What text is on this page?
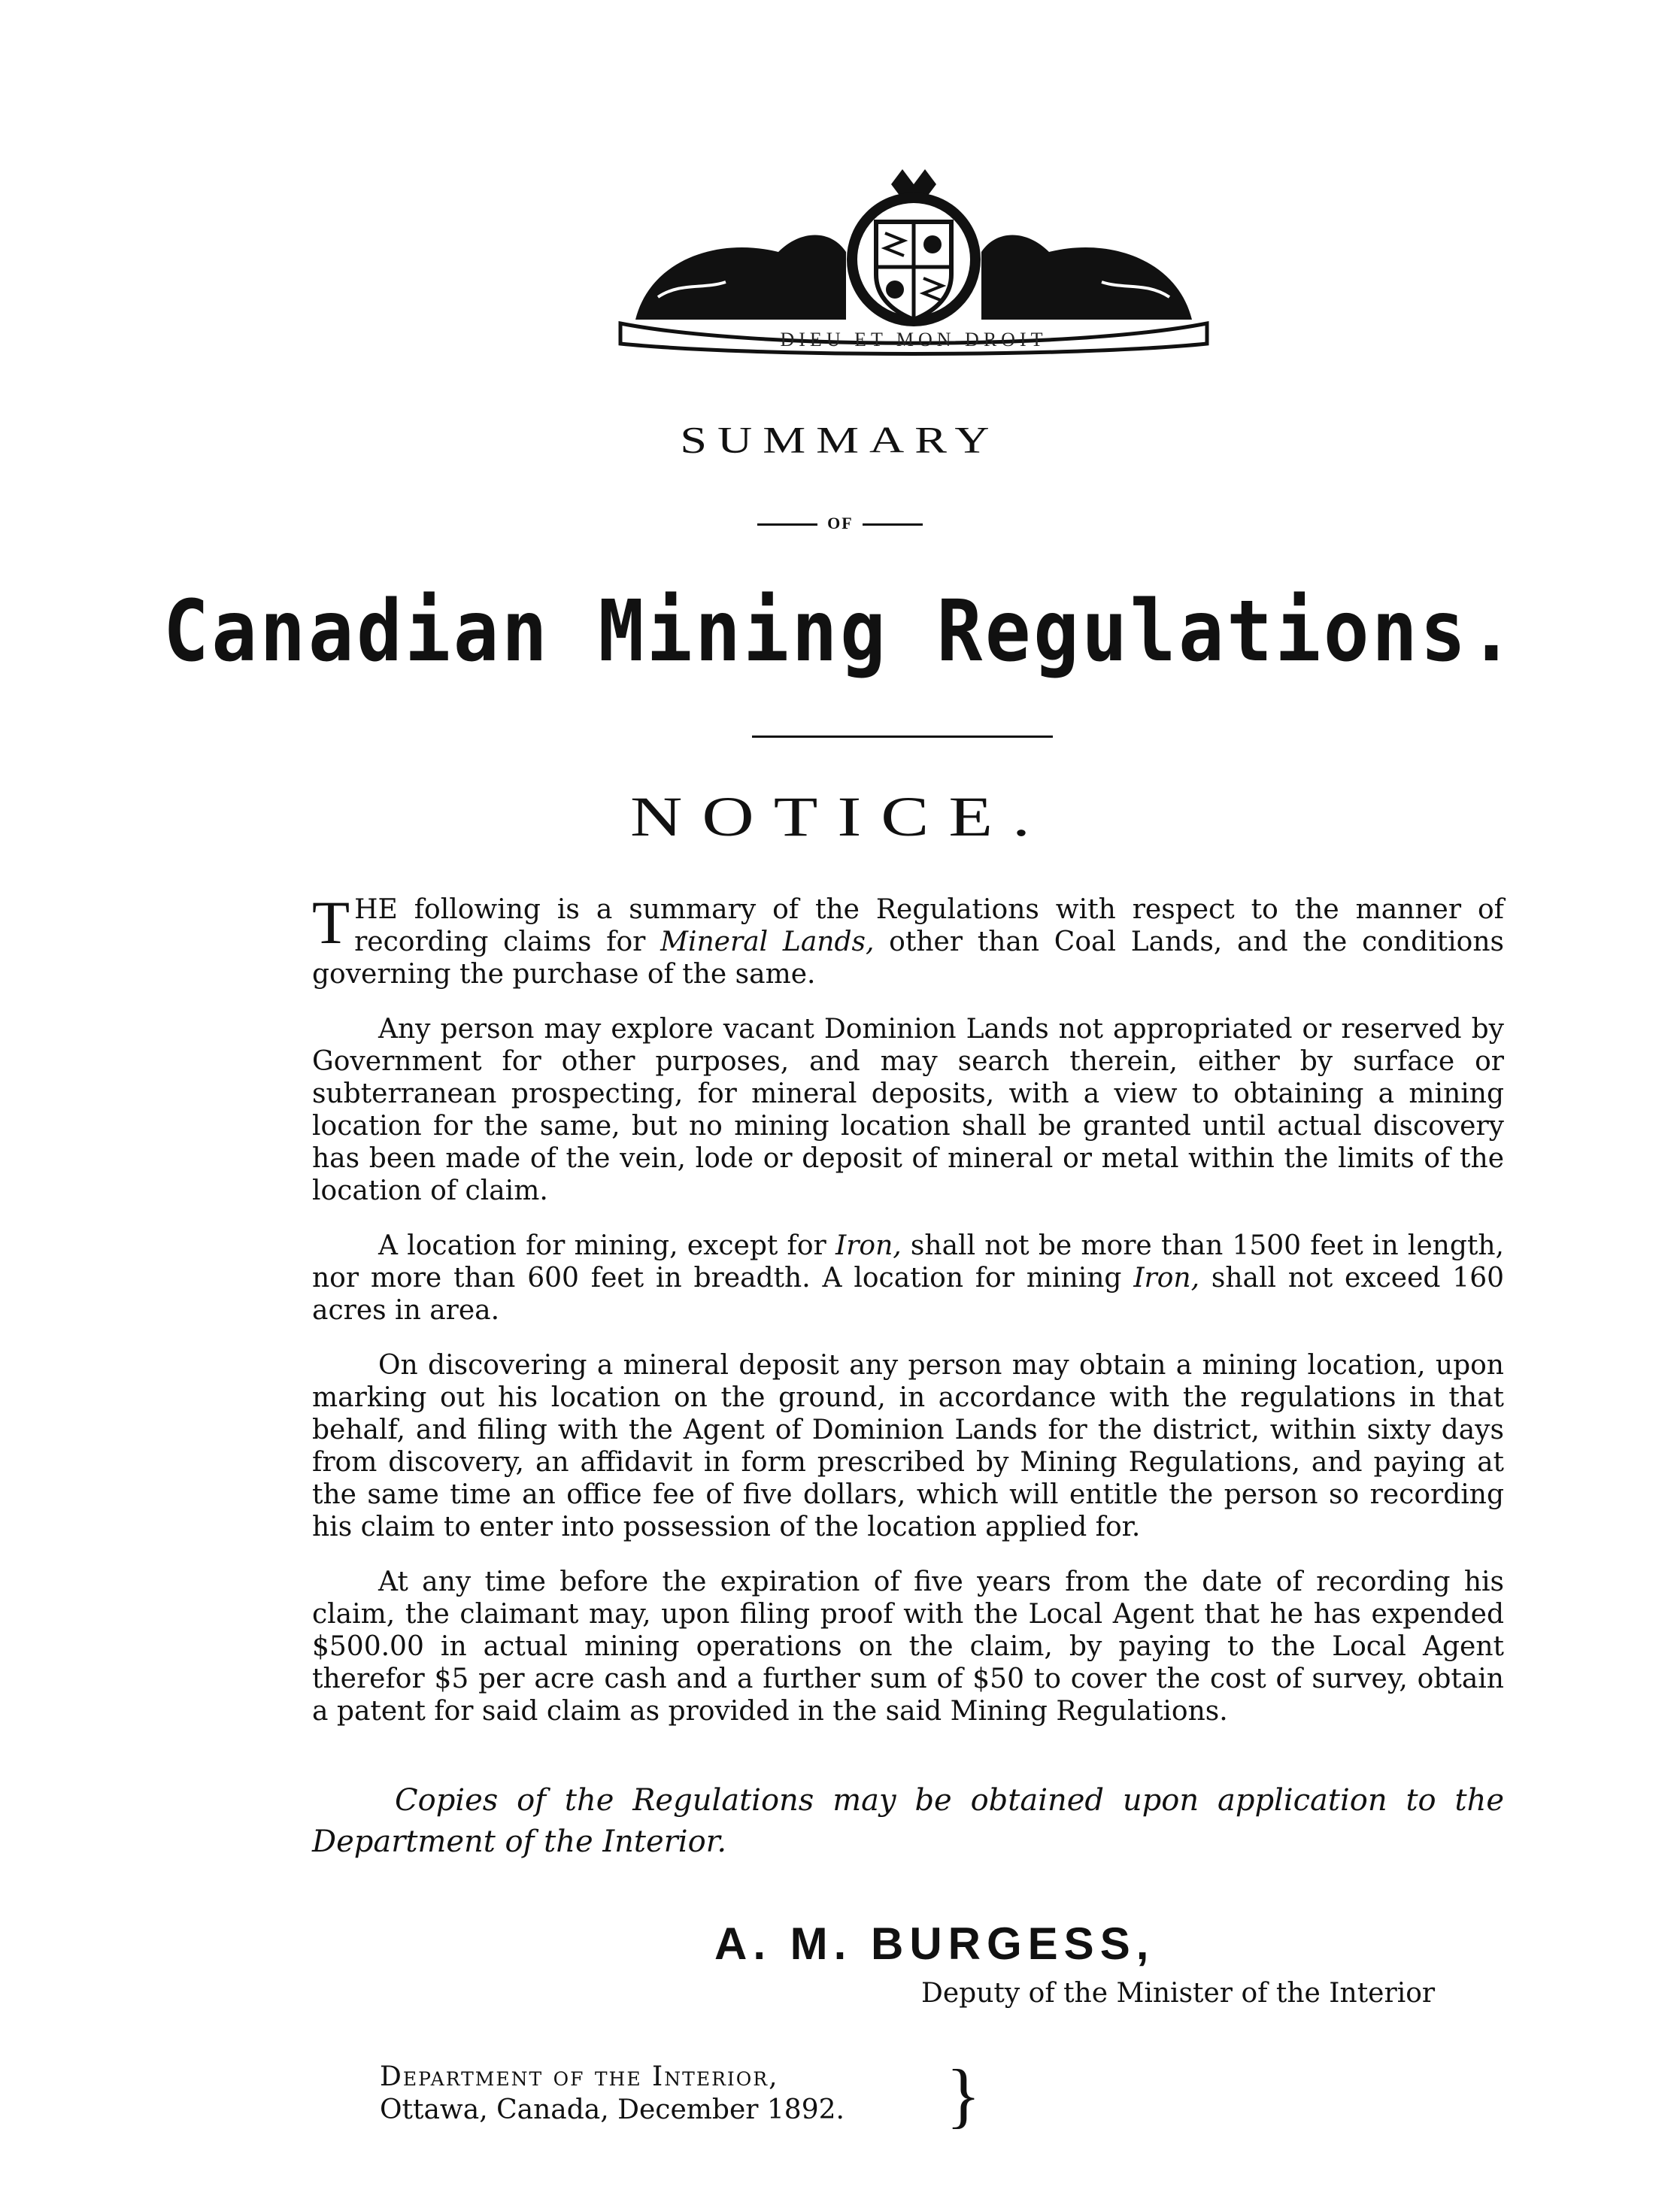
DIEU ET MON DROIT
SUMMARY
OF
Canadian Mining Regulations.
NOTICE.

THE following is a summary of the Regulations with respect to the manner of recording claims for Mineral Lands, other than Coal Lands, and the conditions governing the purchase of the same.

Any person may explore vacant Dominion Lands not appropriated or reserved by Government for other purposes, and may search therein, either by surface or subterranean prospecting, for mineral deposits, with a view to obtaining a mining location for the same, but no mining location shall be granted until actual discovery has been made of the vein, lode or deposit of mineral or metal within the limits of the location of claim.

A location for mining, except for Iron, shall not be more than 1500 feet in length, nor more than 600 feet in breadth. A location for mining Iron, shall not exceed 160 acres in area.

On discovering a mineral deposit any person may obtain a mining location, upon marking out his location on the ground, in accordance with the regulations in that behalf, and filing with the Agent of Dominion Lands for the district, within sixty days from discovery, an affidavit in form prescribed by Mining Regulations, and paying at the same time an office fee of five dollars, which will entitle the person so recording his claim to enter into possession of the location applied for.

At any time before the expiration of five years from the date of recording his claim, the claimant may, upon filing proof with the Local Agent that he has expended $500.00 in actual mining operations on the claim, by paying to the Local Agent therefor $5 per acre cash and a further sum of $50 to cover the cost of survey, obtain a patent for said claim as provided in the said Mining Regulations.

Copies of the Regulations may be obtained upon application to the Department of the Interior.
A. M. BURGESS,
Deputy of the Minister of the Interior
Department of the Interior,
Ottawa, Canada, December 1892. }
